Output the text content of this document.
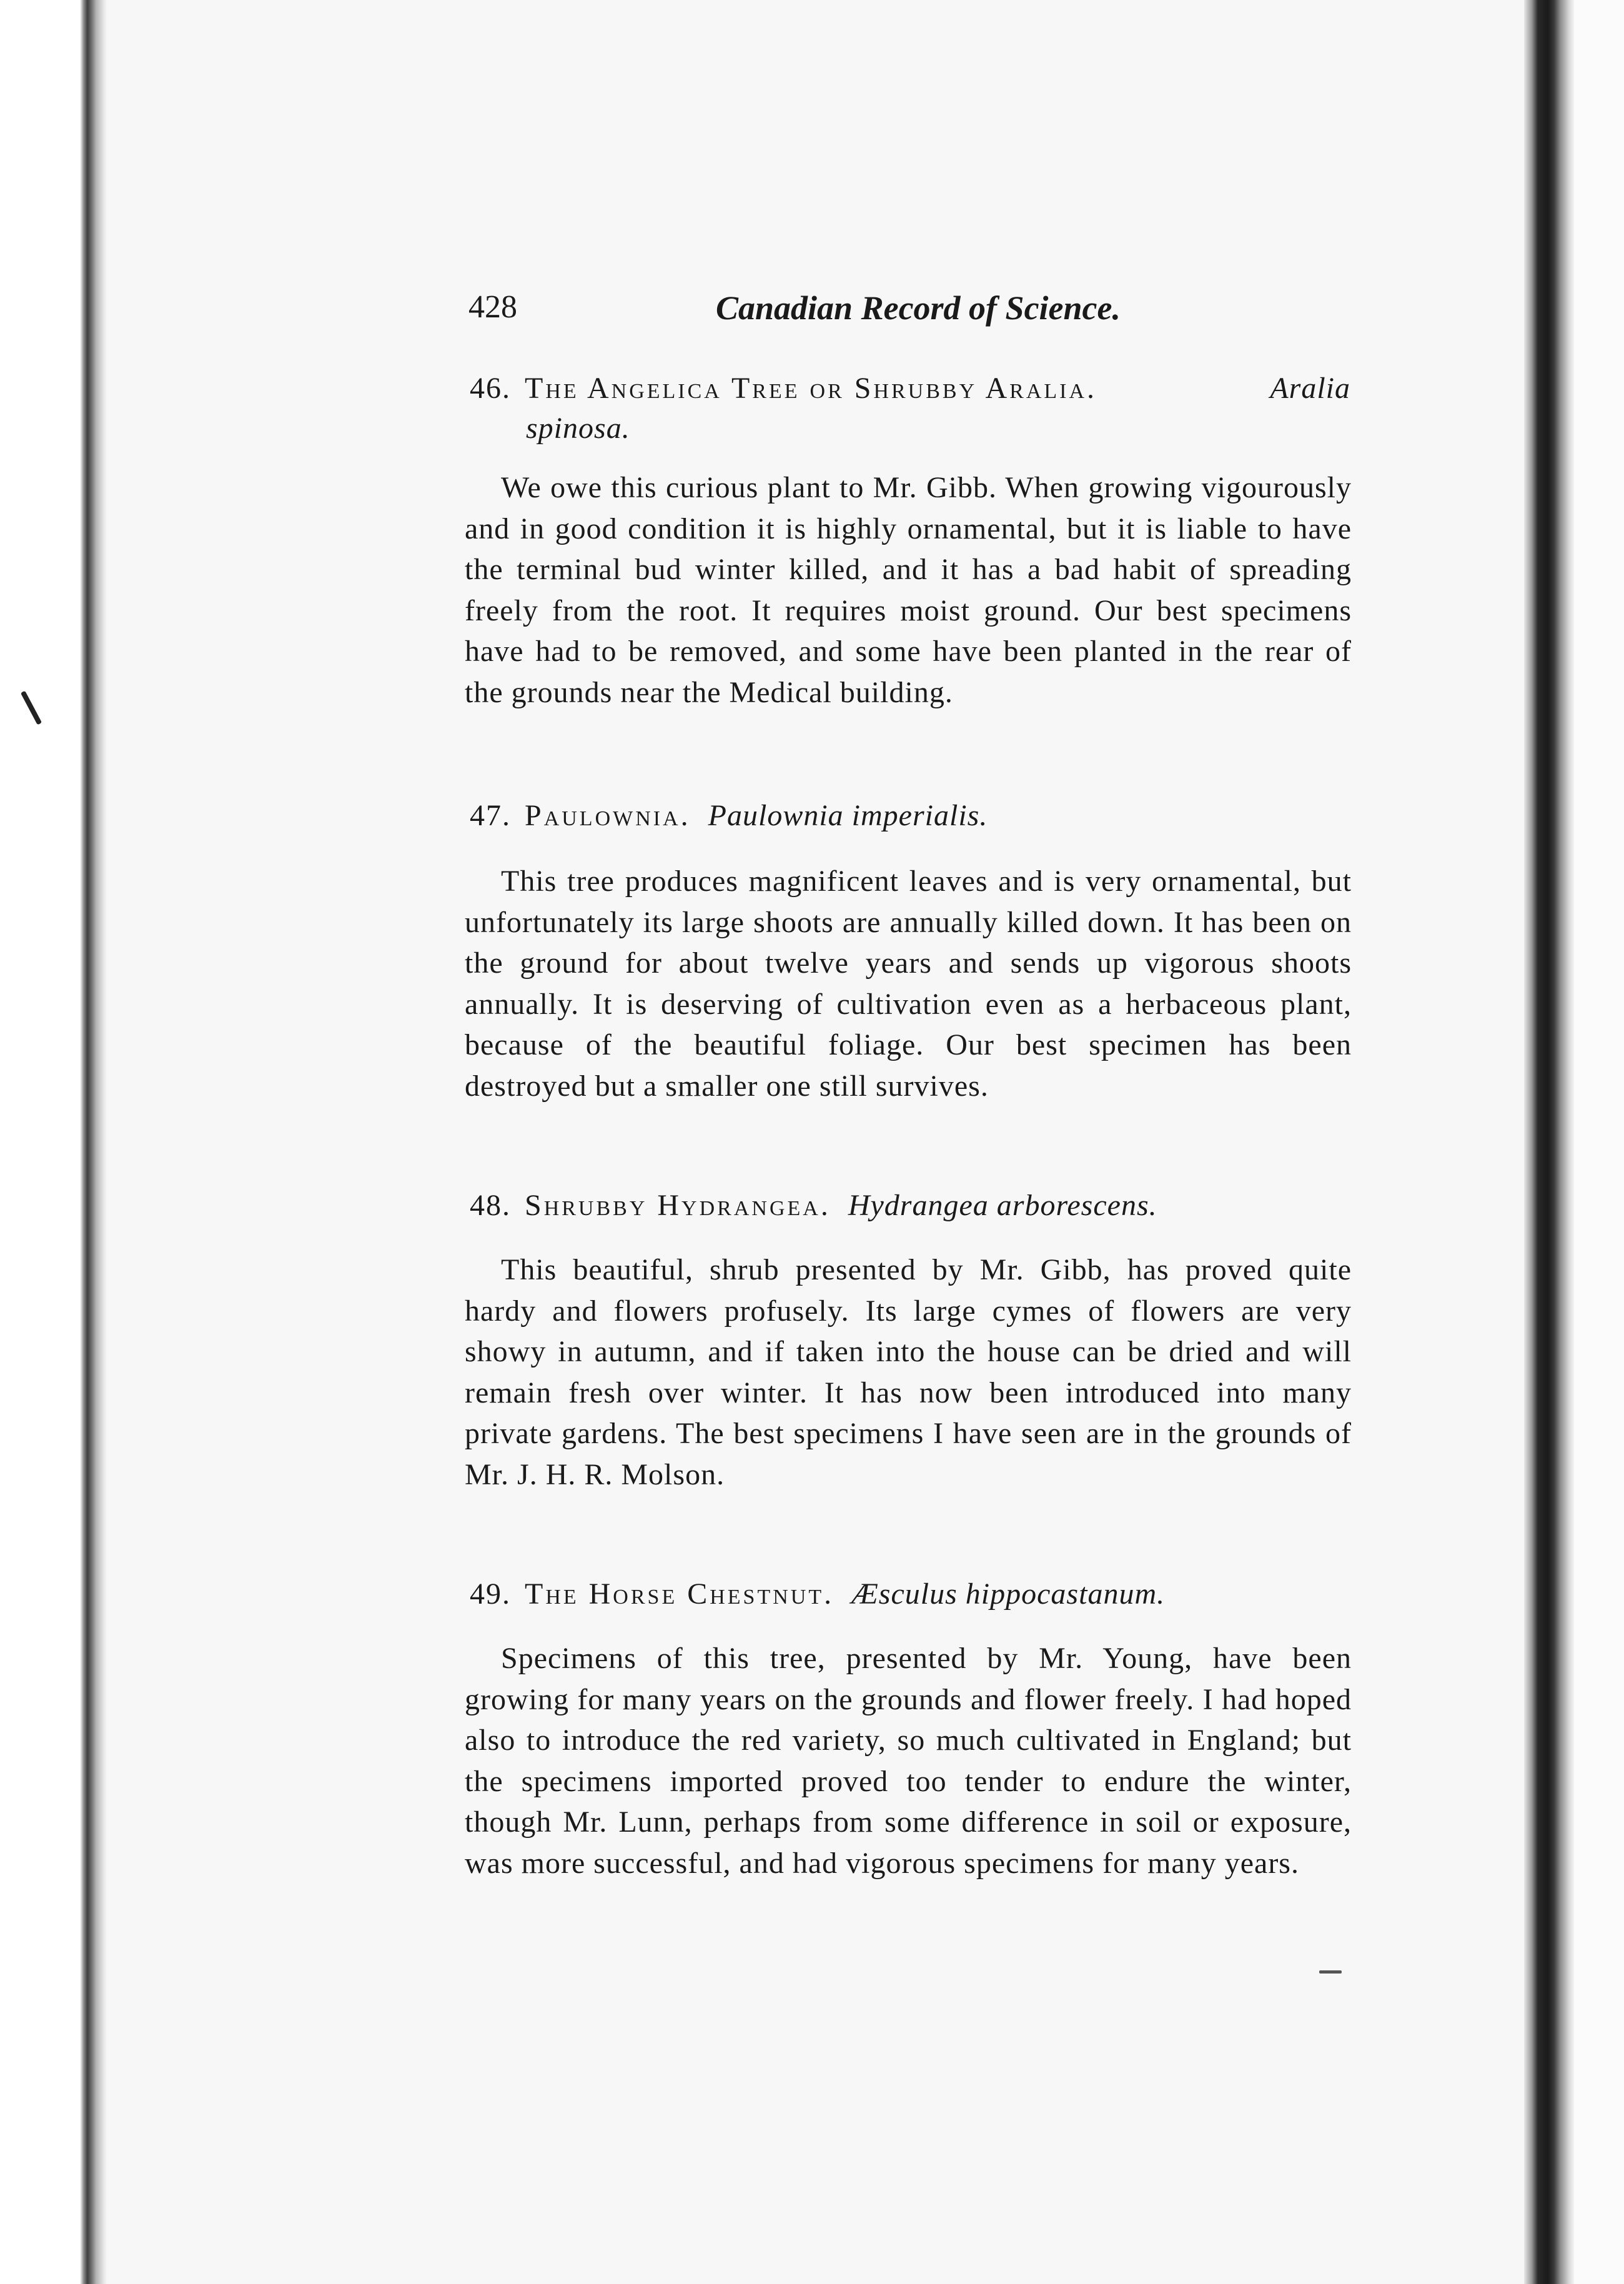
428	Canadian Record of Science.
46. The Angelica Tree or Shrubby Aralia.	Aralia
spinosa.
We owe this curious plant to Mr. Gibb. When growing vigourously and in good condition it is highly ornamental, but it is liable to have the terminal bud winter killed, and it has a bad habit of spreading freely from the root. It requires moist ground. Our best specimens have had to be removed, and some have been planted in the rear of the grounds near the Medical building.
47. Paulownia. Paulownia imperialis.
This tree produces magnificent leaves and is very ornamental, but unfortunately its large shoots are annually killed down. It has been on the ground for about twelve years and sends up vigorous shoots annually. It is deserving of cultivation even as a herbaceous plant, because of the beautiful foliage. Our best specimen has been destroyed but a smaller one still survives.
48. Shrubby Hydrangea. Hydrangea arborescens.
This beautiful, shrub presented by Mr. Gibb, has proved quite hardy and flowers profusely. Its large cymes of flowers are very showy in autumn, and if taken into the house can be dried and will remain fresh over winter. It has now been introduced into many private gardens. The best specimens I have seen are in the grounds of Mr. J. H. R. Molson.
49. The Horse Chestnut. Æsculus hippocastanum.
Specimens of this tree, presented by Mr. Young, have been growing for many years on the grounds and flower freely. I had hoped also to introduce the red variety, so much cultivated in England; but the specimens imported proved too tender to endure the winter, though Mr. Lunn, perhaps from some difference in soil or exposure, was more successful, and had vigorous specimens for many years.
